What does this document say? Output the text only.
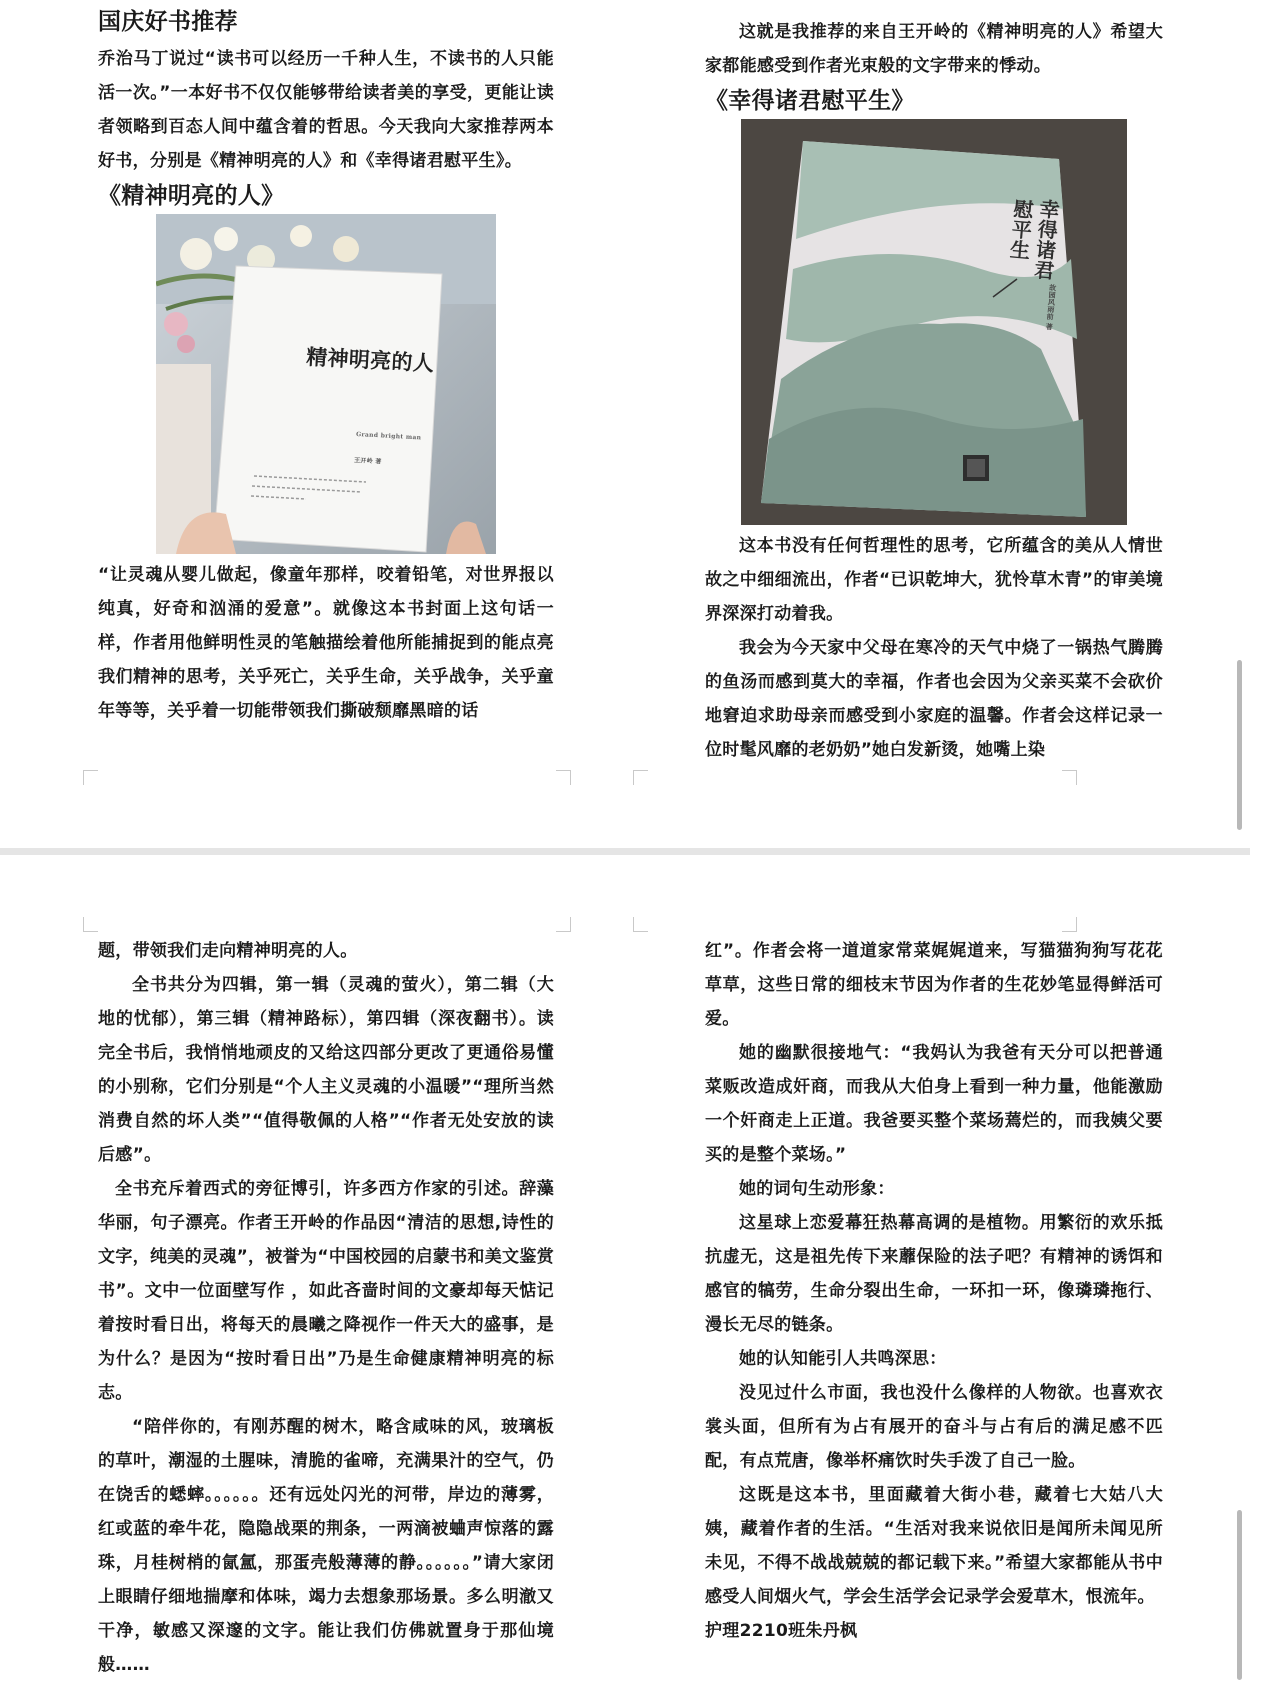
国庆好书推荐

乔治马丁说过“读书可以经历一千种人生，不读书的人只能活一次。”一本好书不仅仅能够带给读者美的享受，更能让读者领略到百态人间中蕴含着的哲思。今天我向大家推荐两本好书，分别是《精神明亮的人》和《幸得诸君慰平生》。

《精神明亮的人》

精神明亮的人
Grand bright man
王开岭 著

“让灵魂从婴儿做起，像童年那样，咬着铅笔，对世界报以纯真，好奇和汹涌的爱意”。就像这本书封面上这句话一样，作者用他鲜明性灵的笔触描绘着他所能捕捉到的能点亮我们精神的思考，关乎死亡，关乎生命，关乎战争，关乎童年等等，关乎着一切能带领我们撕破颓靡黑暗的话

这就是我推荐的来自王开岭的《精神明亮的人》希望大家都能感受到作者光束般的文字带来的悸动。

《幸得诸君慰平生》

幸得诸君
慰平生
故园风雨前 著

这本书没有任何哲理性的思考，它所蕴含的美从人情世故之中细细流出，作者“已识乾坤大，犹怜草木青”的审美境界深深打动着我。

我会为今天家中父母在寒冷的天气中烧了一锅热气腾腾的鱼汤而感到莫大的幸福，作者也会因为父亲买菜不会砍价地窘迫求助母亲而感受到小家庭的温馨。作者会这样记录一位时髦风靡的老奶奶”她白发新烫，她嘴上染

题，带领我们走向精神明亮的人。

全书共分为四辑，第一辑（灵魂的萤火），第二辑（大地的忧郁），第三辑（精神路标），第四辑（深夜翻书）。读完全书后，我悄悄地顽皮的又给这四部分更改了更通俗易懂的小别称，它们分别是“个人主义灵魂的小温暖”“理所当然消费自然的坏人类”“值得敬佩的人格”“作者无处安放的读后感”。

全书充斥着西式的旁征博引，许多西方作家的引述。辞藻华丽，句子漂亮。作者王开岭的作品因“清洁的思想,诗性的文字，纯美的灵魂”，被誉为“中国校园的启蒙书和美文鉴赏书”。文中一位面壁写作 ，如此吝啬时间的文豪却每天惦记着按时看日出，将每天的晨曦之降视作一件天大的盛事，是为什么？是因为“按时看日出”乃是生命健康精神明亮的标志。

“陪伴你的，有刚苏醒的树木，略含咸味的风，玻璃板的草叶，潮湿的土腥味，清脆的雀啼，充满果汁的空气，仍在饶舌的蟋蟀。。。。。。还有远处闪光的河带，岸边的薄雾，红或蓝的牵牛花，隐隐战栗的荆条，一两滴被蛐声惊落的露珠，月桂树梢的氤氲，那蛋壳般薄薄的静。。。。。。”请大家闭上眼睛仔细地揣摩和体味，竭力去想象那场景。多么明澈又干净，敏感又深邃的文字。能让我们仿佛就置身于那仙境般……

红”。作者会将一道道家常菜娓娓道来，写猫猫狗狗写花花草草，这些日常的细枝末节因为作者的生花妙笔显得鲜活可爱。

她的幽默很接地气：“我妈认为我爸有天分可以把普通菜贩改造成奸商，而我从大伯身上看到一种力量，他能激励一个奸商走上正道。我爸要买整个菜场蔫烂的，而我姨父要买的是整个菜场。”

她的词句生动形象：

这星球上恋爱幕狂热幕高调的是植物。用繁衍的欢乐抵抗虚无，这是祖先传下来蘼保险的法子吧？有精神的诱饵和感官的犒劳，生命分裂出生命，一环扣一环，像璘璘拖行、漫长无尽的链条。

她的认知能引人共鸣深思：

没见过什么市面，我也没什么像样的人物欲。也喜欢衣裳头面，但所有为占有展开的奋斗与占有后的满足感不匹配，有点荒唐，像举杯痛饮时失手泼了自己一脸。

这既是这本书，里面藏着大街小巷，藏着七大姑八大姨，藏着作者的生活。“生活对我来说依旧是闻所未闻见所未见，不得不战战兢兢的都记载下来。”希望大家都能从书中感受人间烟火气，学会生活学会记录学会爱草木，恨流年。

护理2210班朱丹枫
